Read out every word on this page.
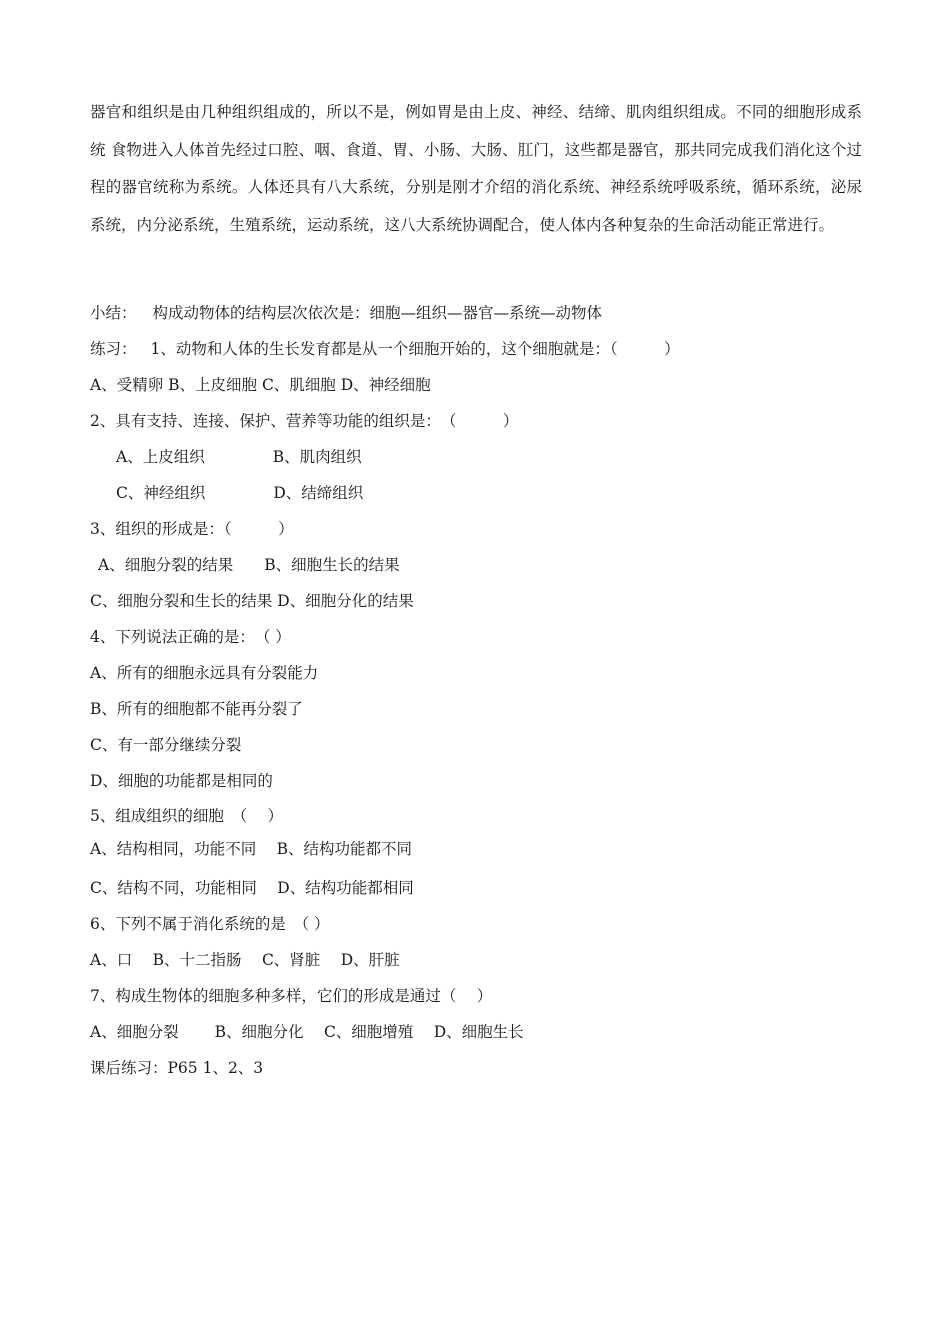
器官和组织是由几种组织组成的，所以不是，例如胃是由上皮、神经、结缔、肌肉组织组成。不同的细胞形成系统 食物进入人体首先经过口腔、咽、食道、胃、小肠、大肠、肛门，这些都是器官，那共同完成我们消化这个过程的器官统称为系统。人体还具有八大系统，分别是刚才介绍的消化系统、神经系统呼吸系统，循环系统，泌尿系统，内分泌系统，生殖系统，运动系统，这八大系统协调配合，使人体内各种复杂的生命活动能正常进行。
小结： 构成动物体的结构层次依次是：细胞—组织—器官—系统—动物体
练习： 1、动物和人体的生长发育都是从一个细胞开始的，这个细胞就是：（　　　）
A、受精卵 B、上皮细胞 C、肌细胞 D、神经细胞
2、具有支持、连接、保护、营养等功能的组织是：　（　　　）
A、上皮组织	B、肌肉组织
C、神经组织	D、结缔组织
3、组织的形成是：（　　　）
A、细胞分裂的结果　　B、细胞生长的结果
C、细胞分裂和生长的结果 D、细胞分化的结果
4、下列说法正确的是：　（ ）
A、所有的细胞永远具有分裂能力
B、所有的细胞都不能再分裂了
C、有一部分继续分裂
D、细胞的功能都是相同的
5、组成组织的细胞　（　 ）
A、结构相同，功能不同　 B、结构功能都不同
C、结构不同，功能相同　 D、结构功能都相同
6、下列不属于消化系统的是　（ ）
A、口　 B、十二指肠　 C、肾脏　 D、肝脏
7、构成生物体的细胞多种多样，它们的形成是通过（　 ）
A、细胞分裂　　 B、细胞分化　 C、细胞增殖　 D、细胞生长
课后练习：P65 1、2、3
